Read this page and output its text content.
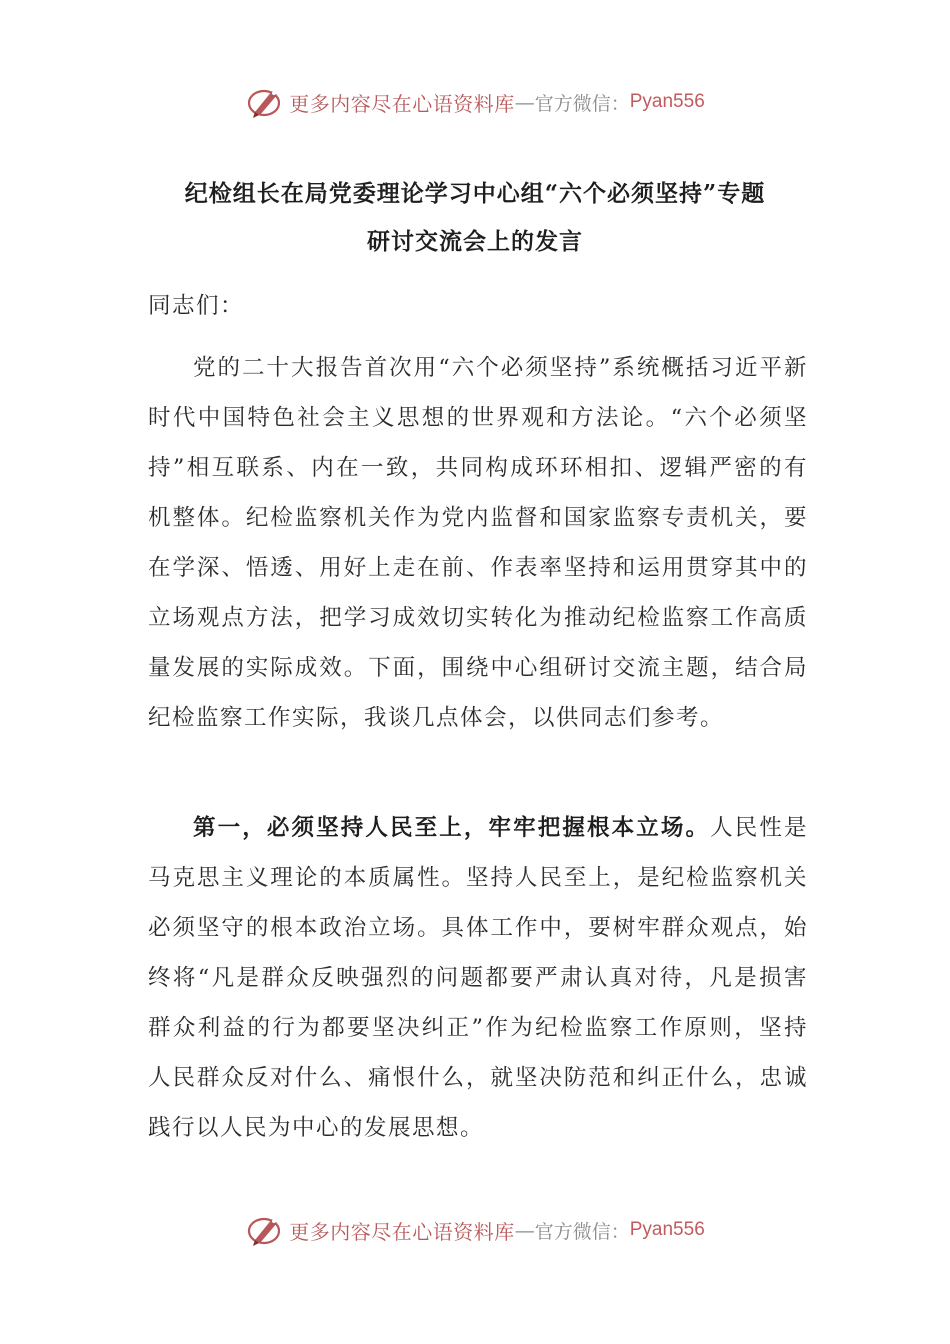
更多内容尽在心语资料库 — 官方微信： Pyan556
纪检组长在局党委理论学习中心组“六个必须坚持”专题
研讨交流会上的发言
同志们：

党的二十大报告首次用“六个必须坚持”系统概括习近平新时代中国特色社会主义思想的世界观和方法论。“六个必须坚持”相互联系、内在一致，共同构成环环相扣、逻辑严密的有机整体。纪检监察机关作为党内监督和国家监察专责机关，要在学深、悟透、用好上走在前、作表率坚持和运用贯穿其中的立场观点方法，把学习成效切实转化为推动纪检监察工作高质量发展的实际成效。下面，围绕中心组研讨交流主题，结合局纪检监察工作实际，我谈几点体会，以供同志们参考。

第一，必须坚持人民至上，牢牢把握根本立场。人民性是马克思主义理论的本质属性。坚持人民至上，是纪检监察机关必须坚守的根本政治立场。具体工作中，要树牢群众观点，始终将“凡是群众反映强烈的问题都要严肃认真对待，凡是损害群众利益的行为都要坚决纠正”作为纪检监察工作原则，坚持人民群众反对什么、痛恨什么，就坚决防范和纠正什么，忠诚践行以人民为中心的发展思想。

更多内容尽在心语资料库 — 官方微信： Pyan556
